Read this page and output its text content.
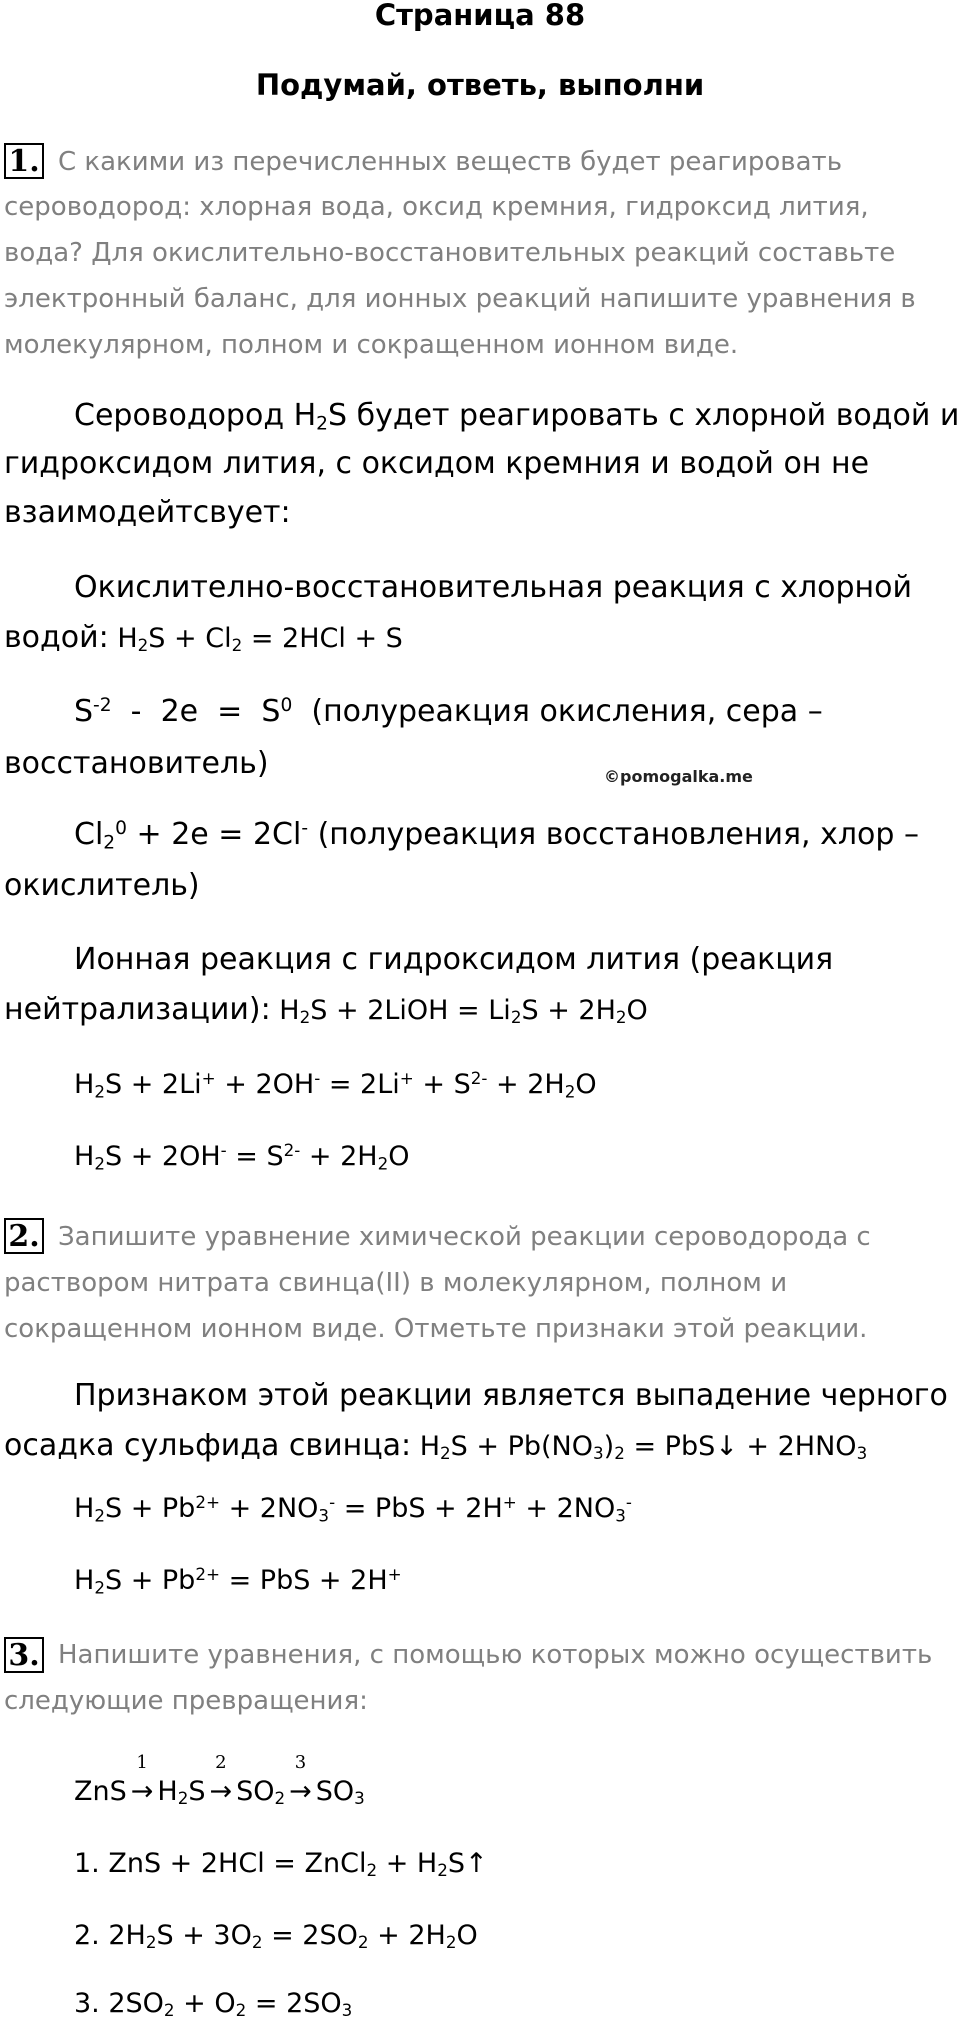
Страница 88
Подумай, ответь, выполни
1. С какими из перечисленных веществ будет реагировать
сероводород: хлорная вода, оксид кремния, гидроксид лития,
вода? Для окислительно-восстановительных реакций составьте
электронный баланс, для ионных реакций напишите уравнения в
молекулярном, полном и сокращенном ионном виде.
Сероводород $H_2S$ будет реагировать с хлорной водой и
гидроксидом лития, с оксидом кремния и водой он не
взаимодейтсвует:
Окислително-восстановительная реакция с хлорной
водой: $H_2S + Cl_2 = 2HCl + S$
$S^{-2} - 2e = S^0$ (полуреакция окисления, сера –
восстановитель)	©pomogalka.me
$Cl_2^0 + 2e = 2Cl^-$ (полуреакция восстановления, хлор –
окислитель)
Ионная реакция с гидроксидом лития (реакция
нейтрализации): $H_2S$ + 2LiOH = $Li_2S + 2H_2O$
$H_2S + 2Li^+ + 2OH^- = 2Li^+ + S^{2-} + 2H_2O$
$H_2S + 2OH^- = S^{2-} + 2H_2O$
2. Запишите уравнение химической реакции сероводорода с
раствором нитрата свинца(II) в молекулярном, полном и
сокращенном ионном виде. Отметьте признаки этой реакции.
Признаком этой реакции является выпадение черного
осадка сульфида свинца: $H_2S + Pb(NO_3)_2$ = PbS↓ + $2HNO_3$
$H_2S + Pb^{2+} + 2NO_3^-$ = PbS + $2H^+ + 2NO_3^-$
$H_2S + Pb^{2+}$ = PbS + 2H+
3. Напишите уравнения, с помощью которых можно осуществить
следующие превращения:
ZnS →
1
$H_2S$ →
2
$SO_2$ →
3
$SO_3$
1. ZnS + 2HCl = ZnCl$_2$ + $H_2S↑$
2. $2H_2S + 3O_2 = 2SO_2 + 2H_2O$
3. $2SO_2 + O_2 = 2SO_3$
